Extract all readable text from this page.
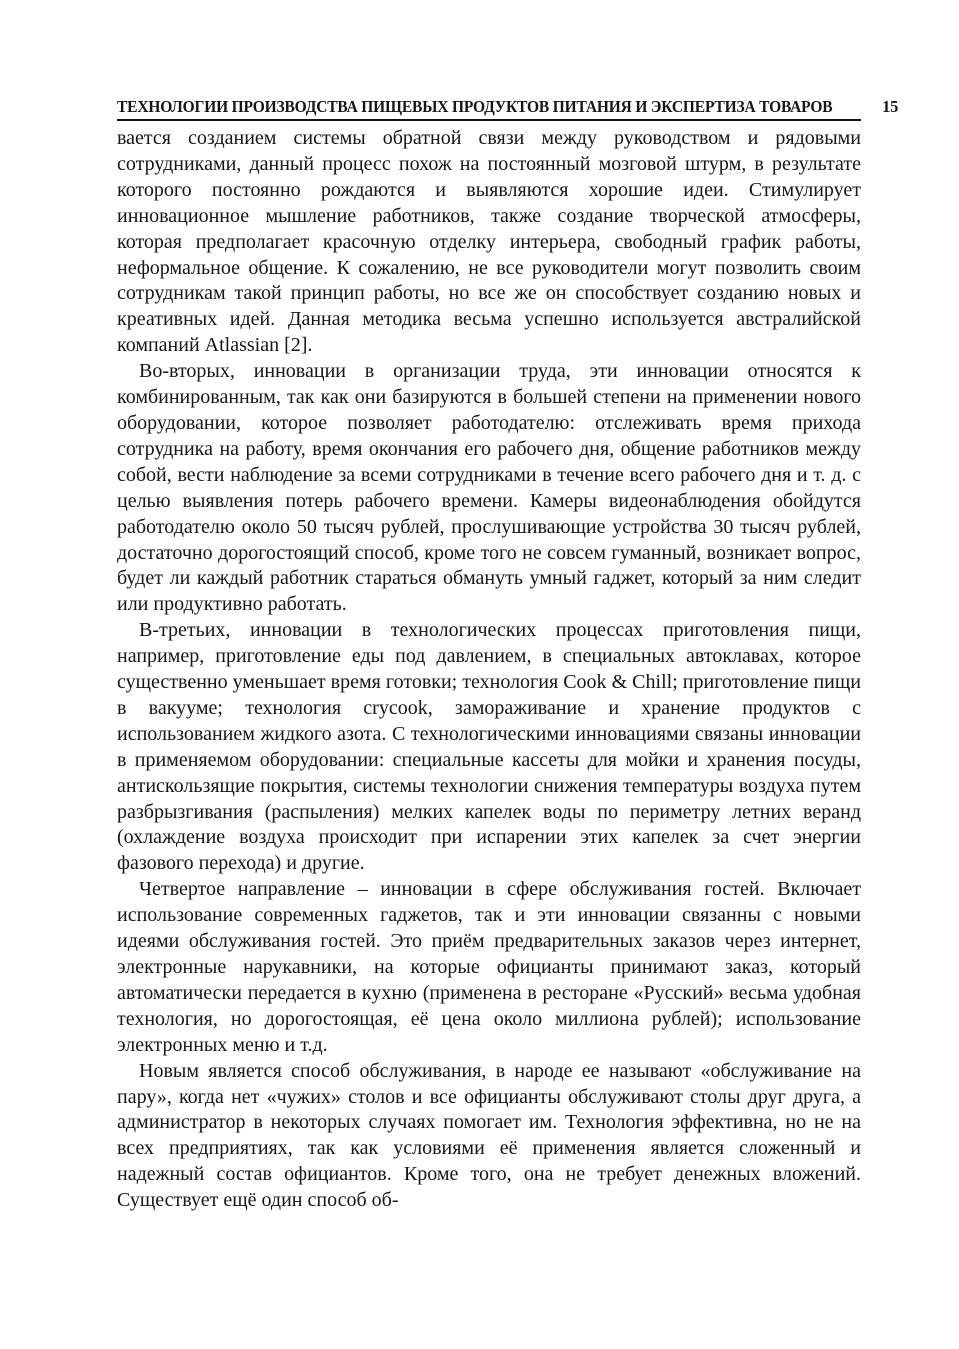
ТЕХНОЛОГИИ ПРОИЗВОДСТВА ПИЩЕВЫХ ПРОДУКТОВ ПИТАНИЯ И ЭКСПЕРТИЗА ТОВАРОВ	15

вается созданием системы обратной связи между руководством и рядовыми сотрудниками, данный процесс похож на постоянный мозговой штурм, в результате которого постоянно рождаются и выявляются хорошие идеи. Стимулирует инновационное мышление работников, также создание творческой атмосферы, которая предполагает красочную отделку интерьера, свободный график работы, неформальное общение. К сожалению, не все руководители могут позволить своим сотрудникам такой принцип работы, но все же он способствует созданию новых и креативных идей. Данная методика весьма успешно используется австралийской компаний Atlassian [2].

Во-вторых, инновации в организации труда, эти инновации относятся к комбинированным, так как они базируются в большей степени на применении нового оборудовании, которое позволяет работодателю: отслеживать время прихода сотрудника на работу, время окончания его рабочего дня, общение работников между собой, вести наблюдение за всеми сотрудниками в течение всего рабочего дня и т. д. с целью выявления потерь рабочего времени. Камеры видеонаблюдения обойдутся работодателю около 50 тысяч рублей, прослушивающие устройства 30 тысяч рублей, достаточно дорогостоящий способ, кроме того не совсем гуманный, возникает вопрос, будет ли каждый работник стараться обмануть умный гаджет, который за ним следит или продуктивно работать.

В-третьих, инновации в технологических процессах приготовления пищи, например, приготовление еды под давлением, в специальных автоклавах, которое существенно уменьшает время готовки; технология Cook & Chill; приготовление пищи в вакууме; технология crycook, замораживание и хранение продуктов с использованием жидкого азота. С технологическими инновациями связаны инновации в применяемом оборудовании: специальные кассеты для мойки и хранения посуды, антискользящие покрытия, системы технологии снижения температуры воздуха путем разбрызгивания (распыления) мелких капелек воды по периметру летних веранд (охлаждение воздуха происходит при испарении этих капелек за счет энергии фазового перехода) и другие.

Четвертое направление – инновации в сфере обслуживания гостей. Включает использование современных гаджетов, так и эти инновации связанны с новыми идеями обслуживания гостей. Это приём предварительных заказов через интернет, электронные нарукавники, на которые официанты принимают заказ, который автоматически передается в кухню (применена в ресторане «Русский» весьма удобная технология, но дорогостоящая, её цена около миллиона рублей); использование электронных меню и т.д.

Новым является способ обслуживания, в народе ее называют «обслуживание на пару», когда нет «чужих» столов и все официанты обслуживают столы друг друга, а администратор в некоторых случаях помогает им. Технология эффективна, но не на всех предприятиях, так как условиями её применения является сложенный и надежный состав официантов. Кроме того, она не требует денежных вложений. Существует ещё один способ об-
